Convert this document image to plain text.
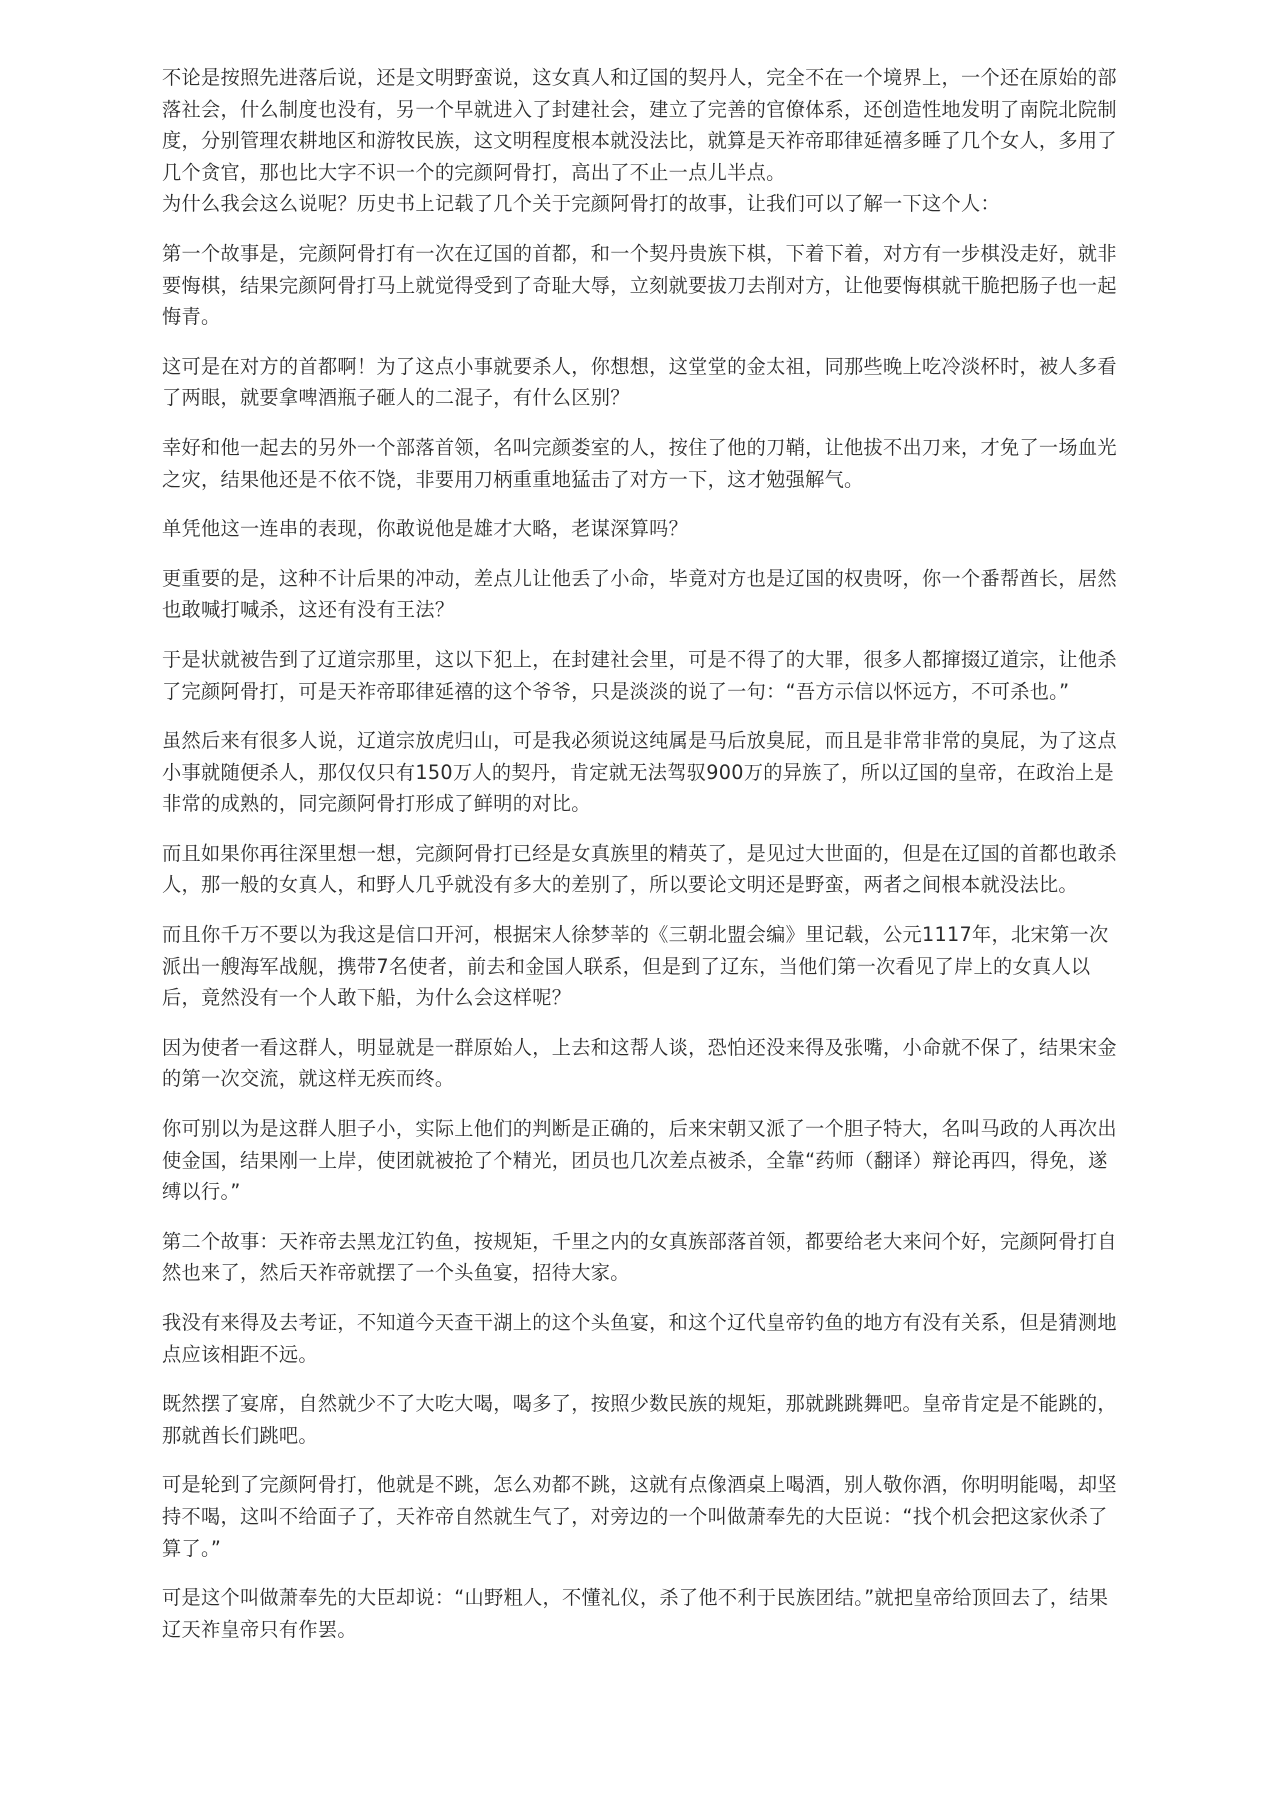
不论是按照先进落后说，还是文明野蛮说，这女真人和辽国的契丹人，完全不在一个境界上，一个还在原始的部落社会，什么制度也没有，另一个早就进入了封建社会，建立了完善的官僚体系，还创造性地发明了南院北院制度，分别管理农耕地区和游牧民族，这文明程度根本就没法比，就算是天祚帝耶律延禧多睡了几个女人，多用了几个贪官，那也比大字不识一个的完颜阿骨打，高出了不止一点儿半点。

为什么我会这么说呢？历史书上记载了几个关于完颜阿骨打的故事，让我们可以了解一下这个人：

第一个故事是，完颜阿骨打有一次在辽国的首都，和一个契丹贵族下棋，下着下着，对方有一步棋没走好，就非要悔棋，结果完颜阿骨打马上就觉得受到了奇耻大辱，立刻就要拔刀去削对方，让他要悔棋就干脆把肠子也一起悔青。

这可是在对方的首都啊！为了这点小事就要杀人，你想想，这堂堂的金太祖，同那些晚上吃冷淡杯时，被人多看了两眼，就要拿啤酒瓶子砸人的二混子，有什么区别？

幸好和他一起去的另外一个部落首领，名叫完颜娄室的人，按住了他的刀鞘，让他拔不出刀来，才免了一场血光之灾，结果他还是不依不饶，非要用刀柄重重地猛击了对方一下，这才勉强解气。

单凭他这一连串的表现，你敢说他是雄才大略，老谋深算吗？

更重要的是，这种不计后果的冲动，差点儿让他丢了小命，毕竟对方也是辽国的权贵呀，你一个番帮酋长，居然也敢喊打喊杀，这还有没有王法？

于是状就被告到了辽道宗那里，这以下犯上，在封建社会里，可是不得了的大罪，很多人都撺掇辽道宗，让他杀了完颜阿骨打，可是天祚帝耶律延禧的这个爷爷，只是淡淡的说了一句：“吾方示信以怀远方，不可杀也。”

虽然后来有很多人说，辽道宗放虎归山，可是我必须说这纯属是马后放臭屁，而且是非常非常的臭屁，为了这点小事就随便杀人，那仅仅只有150万人的契丹，肯定就无法驾驭900万的异族了，所以辽国的皇帝，在政治上是非常的成熟的，同完颜阿骨打形成了鲜明的对比。

而且如果你再往深里想一想，完颜阿骨打已经是女真族里的精英了，是见过大世面的，但是在辽国的首都也敢杀人，那一般的女真人，和野人几乎就没有多大的差别了，所以要论文明还是野蛮，两者之间根本就没法比。

而且你千万不要以为我这是信口开河，根据宋人徐梦莘的《三朝北盟会编》里记载，公元1117年，北宋第一次派出一艘海军战舰，携带7名使者，前去和金国人联系，但是到了辽东，当他们第一次看见了岸上的女真人以后，竟然没有一个人敢下船，为什么会这样呢？

因为使者一看这群人，明显就是一群原始人，上去和这帮人谈，恐怕还没来得及张嘴，小命就不保了，结果宋金的第一次交流，就这样无疾而终。

你可别以为是这群人胆子小，实际上他们的判断是正确的，后来宋朝又派了一个胆子特大，名叫马政的人再次出使金国，结果刚一上岸，使团就被抢了个精光，团员也几次差点被杀，全靠“药师（翻译）辩论再四，得免，遂缚以行。”

第二个故事：天祚帝去黑龙江钓鱼，按规矩，千里之内的女真族部落首领，都要给老大来问个好，完颜阿骨打自然也来了，然后天祚帝就摆了一个头鱼宴，招待大家。

我没有来得及去考证，不知道今天查干湖上的这个头鱼宴，和这个辽代皇帝钓鱼的地方有没有关系，但是猜测地点应该相距不远。

既然摆了宴席，自然就少不了大吃大喝，喝多了，按照少数民族的规矩，那就跳跳舞吧。皇帝肯定是不能跳的，那就酋长们跳吧。

可是轮到了完颜阿骨打，他就是不跳，怎么劝都不跳，这就有点像酒桌上喝酒，别人敬你酒，你明明能喝，却坚持不喝，这叫不给面子了，天祚帝自然就生气了，对旁边的一个叫做萧奉先的大臣说：“找个机会把这家伙杀了算了。”

可是这个叫做萧奉先的大臣却说：“山野粗人，不懂礼仪，杀了他不利于民族团结。”就把皇帝给顶回去了，结果辽天祚皇帝只有作罢。
